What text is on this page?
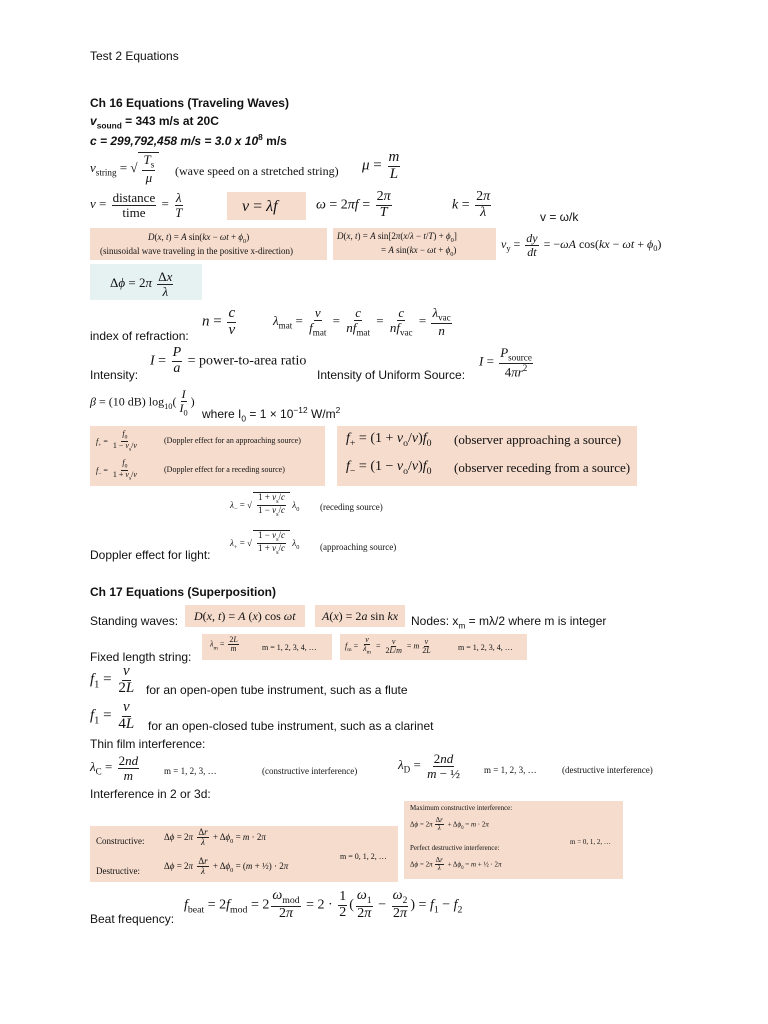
Test 2 Equations
Ch 16 Equations (Traveling Waves)
$v_{sound} = 343$ m/s at 20C
c = 299,792,458 m/s = 3.0 x $10^8$ m/s
$v_{string}$ = √ $\frac{T_s}{\mu}$ (wave speed on a stretched string) $\mu = \frac{m}{L}$
$v = \frac{\text{distance}}{\text{time}} = \frac{\lambda}{T}$	v = λf	$\omega = 2\pi f = \frac{2\pi}{T}$	$k = \frac{2\pi}{\lambda}$	v = ω/k
D(x, t) = A $\sin(kx - \omega t + \phi_0)$
(sinusoidal wave traveling in the positive x-direction)
D(x, t) = A $\sin[2\pi(x/\lambda - t/T) + \phi_0]$
= A $\sin(kx - \omega t + \phi_0)$	$v_y = \frac{dy}{dt} = -\omega A$ $\cos(kx - \omega t + \phi_0)$
$\Delta\phi = 2\pi \frac{\Delta x}{\lambda}$
index of refraction:
$n = \frac{c}{v}$	$\lambda_{mat} = \frac{v}{f_{mat}} = \frac{c}{nf_{mat}} = \frac{c}{nf_{vac}} = \frac{\lambda_{vac}}{n}$
Intensity:
$I = \frac{P}{a}$ = power-to-area ratio
Intensity of Uniform Source:
$I = \frac{P_{source}}{4\pi r^2}$
β = (10 dB) $\log_{10}( \frac{I}{I_0}$ )
where $I_0 = 1 \times 10^{-12}$ $W/m^2$
$f_+ = \frac{f_0}{1 - v_s/v}$	(Doppler effect for an approaching source)
$f_- = \frac{f_0}{1 + v_s/v}$	(Doppler effect for a receding source)
$f_+ = (1 + v_o/v)f_0$ (observer approaching a source)
$f_- = (1 - v_o/v)f_0$ (observer receding from a source)
$\lambda_-$ = √ $\frac{1 + v_s/c}{1 - v_s/c} \lambda_0$ (receding source)
$\lambda_+$ = √ $\frac{1 - v_s/c}{1 + v_s/c} \lambda_0$ (approaching source)
Doppler effect for light:
Ch 17 Equations (Superposition)
Standing waves: D(x, t) = A (x) cos ωt A(x) = 2a sin kx Nodes: $x_m = m\lambda/2$ where m is integer
$\lambda_m = \frac{2L}{m}$	m = 1, 2, 3, 4, …	$f_m = \frac{v}{\lambda_m} = \frac{v}{2L/m} = m \frac{v}{2L}$	m = 1, 2, 3, 4, …
Fixed length string:
$f_1 = \frac{v}{2L}$ for an open-open tube instrument, such as a flute
$f_1 = \frac{v}{4L}$ for an open-closed tube instrument, such as a clarinet
Thin film interference:
$\lambda_C = \frac{2nd}{m}$	m = 1, 2, 3, …	(constructive interference)	$\lambda_D = \frac{2nd}{\text{m − ½}}$	m = 1, 2, 3, …	(destructive interference)
Interference in 2 or 3d:
Constructive: $\Delta\phi = 2\pi \frac{\Delta r}{\lambda} + \Delta\phi_0 = m \cdot 2\pi$
Destructive:	$\Delta\phi = 2\pi \frac{\Delta r}{\lambda} + \Delta\phi_0 = (m$ + ½) · 2π
m = 0, 1, 2, …
Maximum constructive interference:
$\Delta\phi = 2\pi \frac{\Delta r}{\lambda} + \Delta\phi_0 = m \cdot 2\pi$
Perfect destructive interference:
$\Delta\phi = 2\pi \frac{\Delta r}{\lambda} + \Delta\phi_0 = m$ + ½ · 2π
m = 0, 1, 2, …
$f_{beat} = 2f_{mod} = 2 \frac{\omega_{mod}}{2\pi} = 2 \cdot \frac{1}{2}$ ( $\frac{\omega_1}{2\pi} - \frac{\omega_2}{2\pi}$ ) = $f_1 - f_2$
Beat frequency:
